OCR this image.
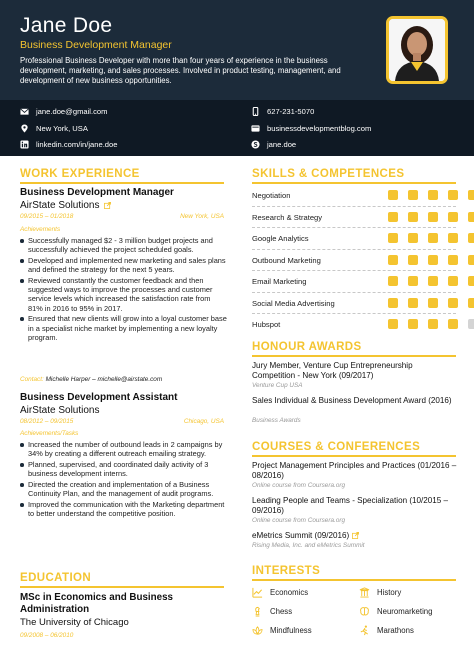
Jane Doe
Business Development Manager
Professional Business Developer with more than four years of experience in the business development, marketing, and sales processes. Involved in product testing, management, and development of new business opportunities.
jane.doe@gmail.com	627-231-5070
New York, USA	businessdevelopmentblog.com
linkedin.com/in/jane.doe	jane.doe
WORK EXPERIENCE
Business Development Manager
AirState Solutions
09/2015 – 01/2018	New York, USA
Achievements
Successfully managed $2 - 3 million budget projects and successfully achieved the project scheduled goals.
Developed and implemented new marketing and sales plans and defined the strategy for the next 5 years.
Reviewed constantly the customer feedback and then suggested ways to improve the processes and customer service levels which increased the satisfaction rate from 81% in 2016 to 95% in 2017.
Ensured that new clients will grow into a loyal customer base in a specialist niche market by implementing a new loyalty program.
Contact: Michelle Harper – michelle@airstate.com
Business Development Assistant
AirState Solutions
08/2012 – 09/2015	Chicago, USA
Achievements/Tasks
Increased the number of outbound leads in 2 campaigns by 34% by creating a different outreach emailing strategy.
Planned, supervised, and coordinated daily activity of 3 business development interns.
Directed the creation and implementation of a Business Continuity Plan, and the management of audit programs.
Improved the communication with the Marketing department to better understand the competitive position.
EDUCATION
MSc in Economics and Business Administration
The University of Chicago
09/2008 – 06/2010
SKILLS & COMPETENCES
Negotiation
Research & Strategy
Google Analytics
Outbound Marketing
Email Marketing
Social Media Advertising
Hubspot
HONOUR AWARDS
Jury Member, Venture Cup Entrepreneurship Competition - New York (09/2017)
Venture Cup USA
Sales Individual & Business Development Award (2016)
Business Awards
COURSES & CONFERENCES
Project Management Principles and Practices (01/2016 – 08/2016)
Online course from Coursera.org
Leading People and Teams - Specialization (10/2015 – 09/2016)
Online course from Coursera.org
eMetrics Summit (09/2016)
Rising Media, Inc. and eMetrics Summit
INTERESTS
Economics	History
Chess	Neuromarketing
Mindfulness	Marathons
